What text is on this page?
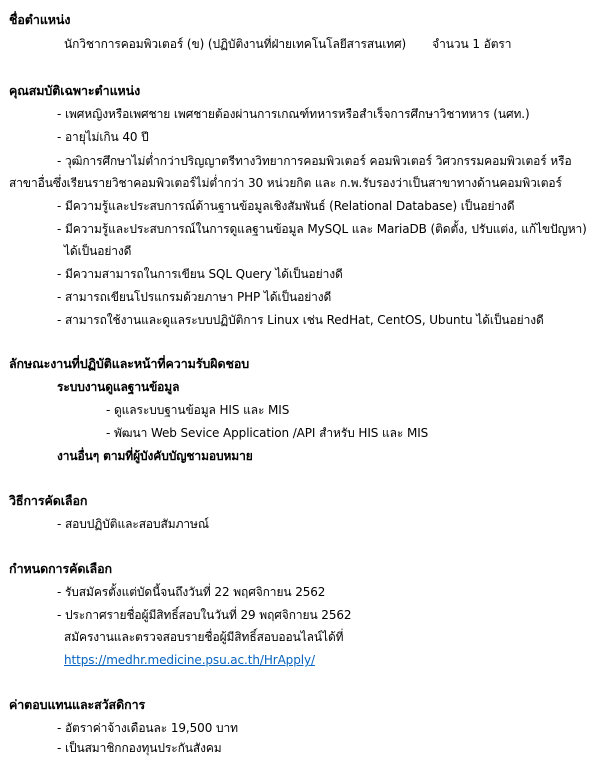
ชื่อตำแหน่ง
นักวิชาการคอมพิวเตอร์ (ข) (ปฏิบัติงานที่ฝ่ายเทคโนโลยีสารสนเทศ) จำนวน 1 อัตรา
คุณสมบัติเฉพาะตำแหน่ง
- เพศหญิงหรือเพศชาย เพศชายต้องผ่านการเกณฑ์ทหารหรือสำเร็จการศึกษาวิชาทหาร (นศท.)
- อายุไม่เกิน 40 ปี
- วุฒิการศึกษาไม่ต่ำกว่าปริญญาตรีทางวิทยาการคอมพิวเตอร์ คอมพิวเตอร์ วิศวกรรมคอมพิวเตอร์ หรือ
สาขาอื่นซึ่งเรียนรายวิชาคอมพิวเตอร์ไม่ต่ำกว่า 30 หน่วยกิต และ ก.พ.รับรองว่าเป็นสาขาทางด้านคอมพิวเตอร์
- มีความรู้และประสบการณ์ด้านฐานข้อมูลเชิงสัมพันธ์ (Relational Database) เป็นอย่างดี
- มีความรู้และประสบการณ์ในการดูแลฐานข้อมูล MySQL และ MariaDB (ติดตั้ง, ปรับแต่ง, แก้ไขปัญหา)
ได้เป็นอย่างดี
- มีความสามารถในการเขียน SQL Query ได้เป็นอย่างดี
- สามารถเขียนโปรแกรมด้วยภาษา PHP ได้เป็นอย่างดี
- สามารถใช้งานและดูแลระบบปฏิบัติการ Linux เช่น RedHat, CentOS, Ubuntu ได้เป็นอย่างดี
ลักษณะงานที่ปฏิบัติและหน้าที่ความรับผิดชอบ
ระบบงานดูแลฐานข้อมูล
- ดูแลระบบฐานข้อมูล HIS และ MIS
- พัฒนา Web Sevice Application /API สำหรับ HIS และ MIS
งานอื่นๆ ตามที่ผู้บังคับบัญชามอบหมาย
วิธีการคัดเลือก
- สอบปฏิบัติและสอบสัมภาษณ์
กำหนดการคัดเลือก
- รับสมัครตั้งแต่บัดนี้จนถึงวันที่ 22 พฤศจิกายน 2562
- ประกาศรายชื่อผู้มีสิทธิ์สอบในวันที่ 29 พฤศจิกายน 2562
สมัครงานและตรวจสอบรายชื่อผู้มีสิทธิ์สอบออนไลน์ได้ที่
https://medhr.medicine.psu.ac.th/HrApply/
ค่าตอบแทนและสวัสดิการ
- อัตราค่าจ้างเดือนละ 19,500 บาท
- เป็นสมาชิกกองทุนประกันสังคม
